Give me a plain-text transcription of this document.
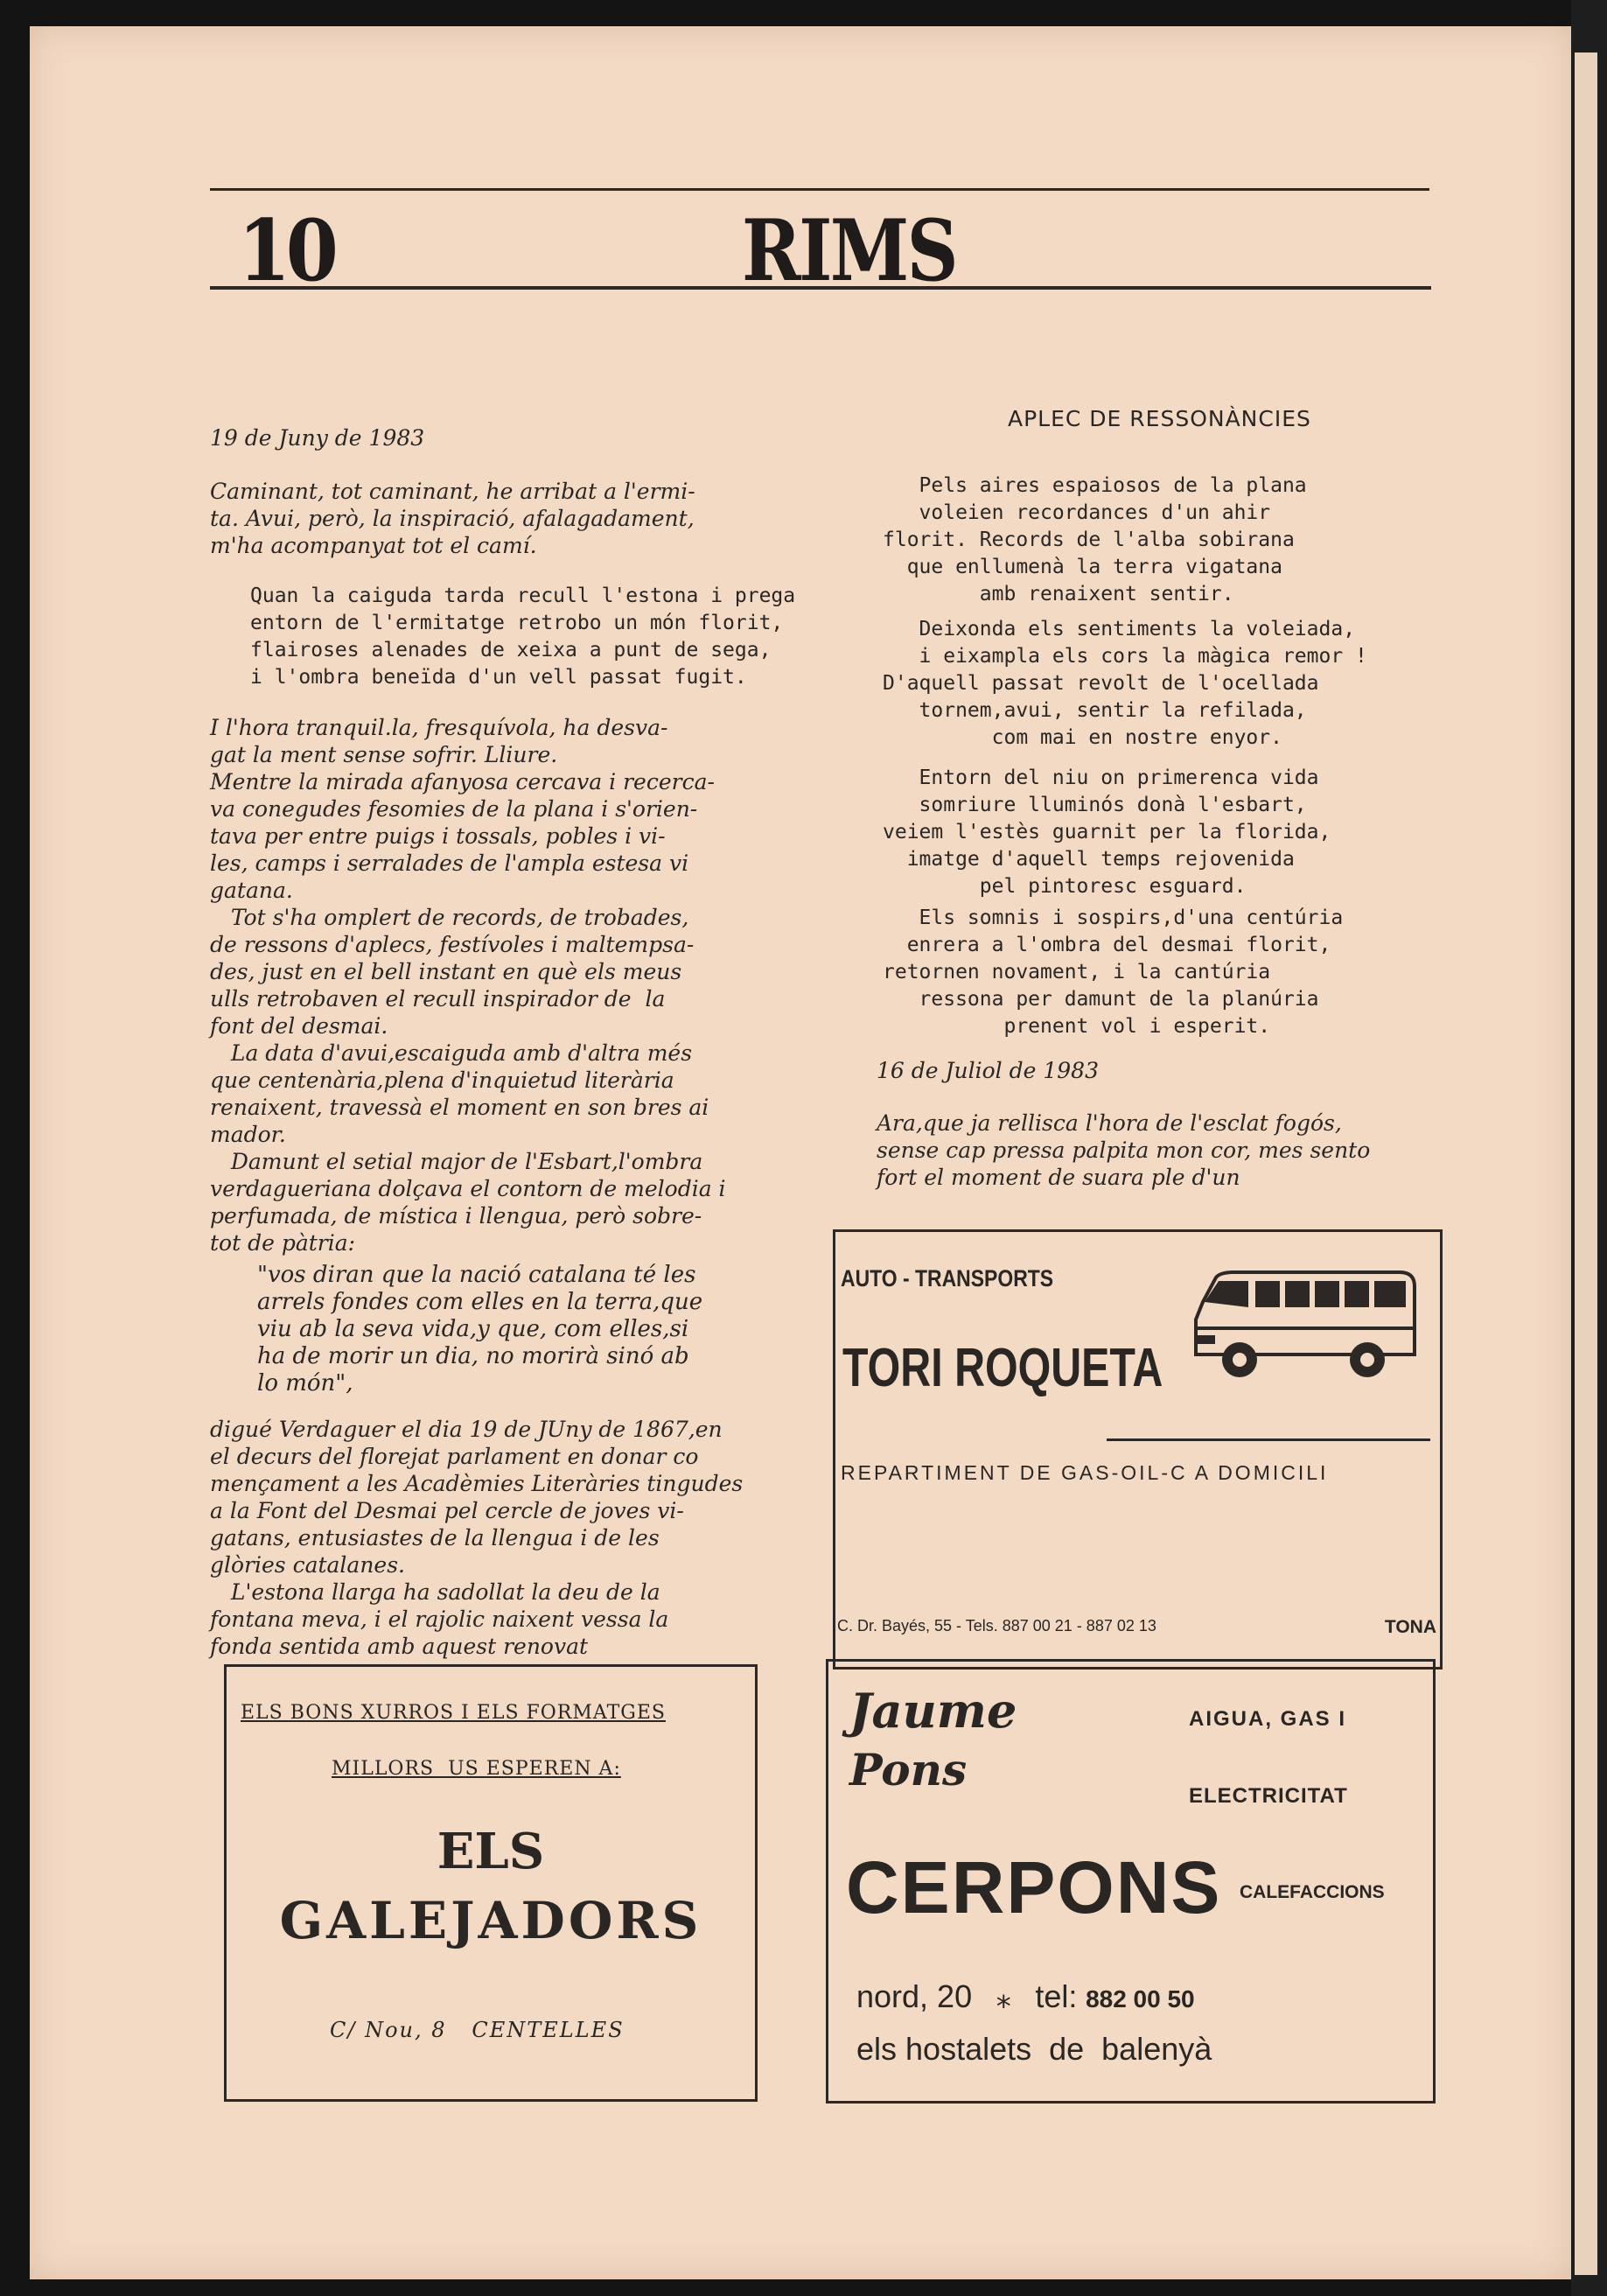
10	RIMS
19 de Juny de 1983
Caminant, tot caminant, he arribat a l'ermi-
ta. Avui, però, la inspiració, afalagadament,
m'ha acompanyat tot el camí.
Quan la caiguda tarda recull l'estona i prega
entorn de l'ermitatge retrobo un món florit,
flairoses alenades de xeixa a punt de sega,
i l'ombra beneïda d'un vell passat fugit.
I l'hora tranquil.la, fresquívola, ha desva-
gat la ment sense sofrir. Lliure.
Mentre la mirada afanyosa cercava i recerca-
va conegudes fesomies de la plana i s'orien-
tava per entre puigs i tossals, pobles i vi-
les, camps i serralades de l'ampla estesa vi
gatana.
Tot s'ha omplert de records, de trobades,
de ressons d'aplecs, festívoles i maltempsa-
des, just en el bell instant en què els meus
ulls retrobaven el recull inspirador de  la
font del desmai.
La data d'avui,escaiguda amb d'altra més
que centenària,plena d'inquietud literària
renaixent, travessà el moment en son bres ai
mador.
Damunt el setial major de l'Esbart,l'ombra
verdagueriana dolçava el contorn de melodia i
perfumada, de mística i llengua, però sobre-
tot de pàtria:
"vos diran que la nació catalana té les
arrels fondes com elles en la terra,que
viu ab la seva vida,y que, com elles,si
ha de morir un dia, no morirà sinó ab
lo món",
digué Verdaguer el dia 19 de JUny de 1867,en
el decurs del florejat parlament en donar co
mençament a les Acadèmies Literàries tingudes
a la Font del Desmai pel cercle de joves vi-
gatans, entusiastes de la llengua i de les
glòries catalanes.
L'estona llarga ha sadollat la deu de la
fontana meva, i el rajolic naixent vessa la
fonda sentida amb aquest renovat
APLEC DE RESSONÀNCIES
Pels aires espaiosos de la plana
voleien recordances d'un ahir
florit. Records de l'alba sobirana
que enllumenà la terra vigatana
amb renaixent sentir.
Deixonda els sentiments la voleiada,
i eixampla els cors la màgica remor !
D'aquell passat revolt de l'ocellada
tornem,avui, sentir la refilada,
com mai en nostre enyor.
Entorn del niu on primerenca vida
somriure lluminós donà l'esbart,
veiem l'estès guarnit per la florida,
imatge d'aquell temps rejovenida
pel pintoresc esguard.
Els somnis i sospirs,d'una centúria
enrera a l'ombra del desmai florit,
retornen novament, i la cantúria
ressona per damunt de la planúria
prenent vol i esperit.
16 de Juliol de 1983
Ara,que ja rellisca l'hora de l'esclat fogós,
sense cap pressa palpita mon cor, mes sento
fort el moment de suara ple d'un
AUTO - TRANSPORTS
TORI ROQUETA
REPARTIMENT DE GAS-OIL-C A DOMICILI
C. Dr. Bayés, 55 - Tels. 887 00 21 - 887 02 13	TONA
ELS BONS XURROS I ELS FORMATGES
MILLORS  US ESPEREN A:
ELS
GALEJADORS
C/ Nou, 8   CENTELLES
Jaume
Pons
AIGUA, GAS I
ELECTRICITAT
CERPONS CALEFACCIONS
nord, 20 ⁎ tel: 882 00 50
els hostalets  de  balenyà
